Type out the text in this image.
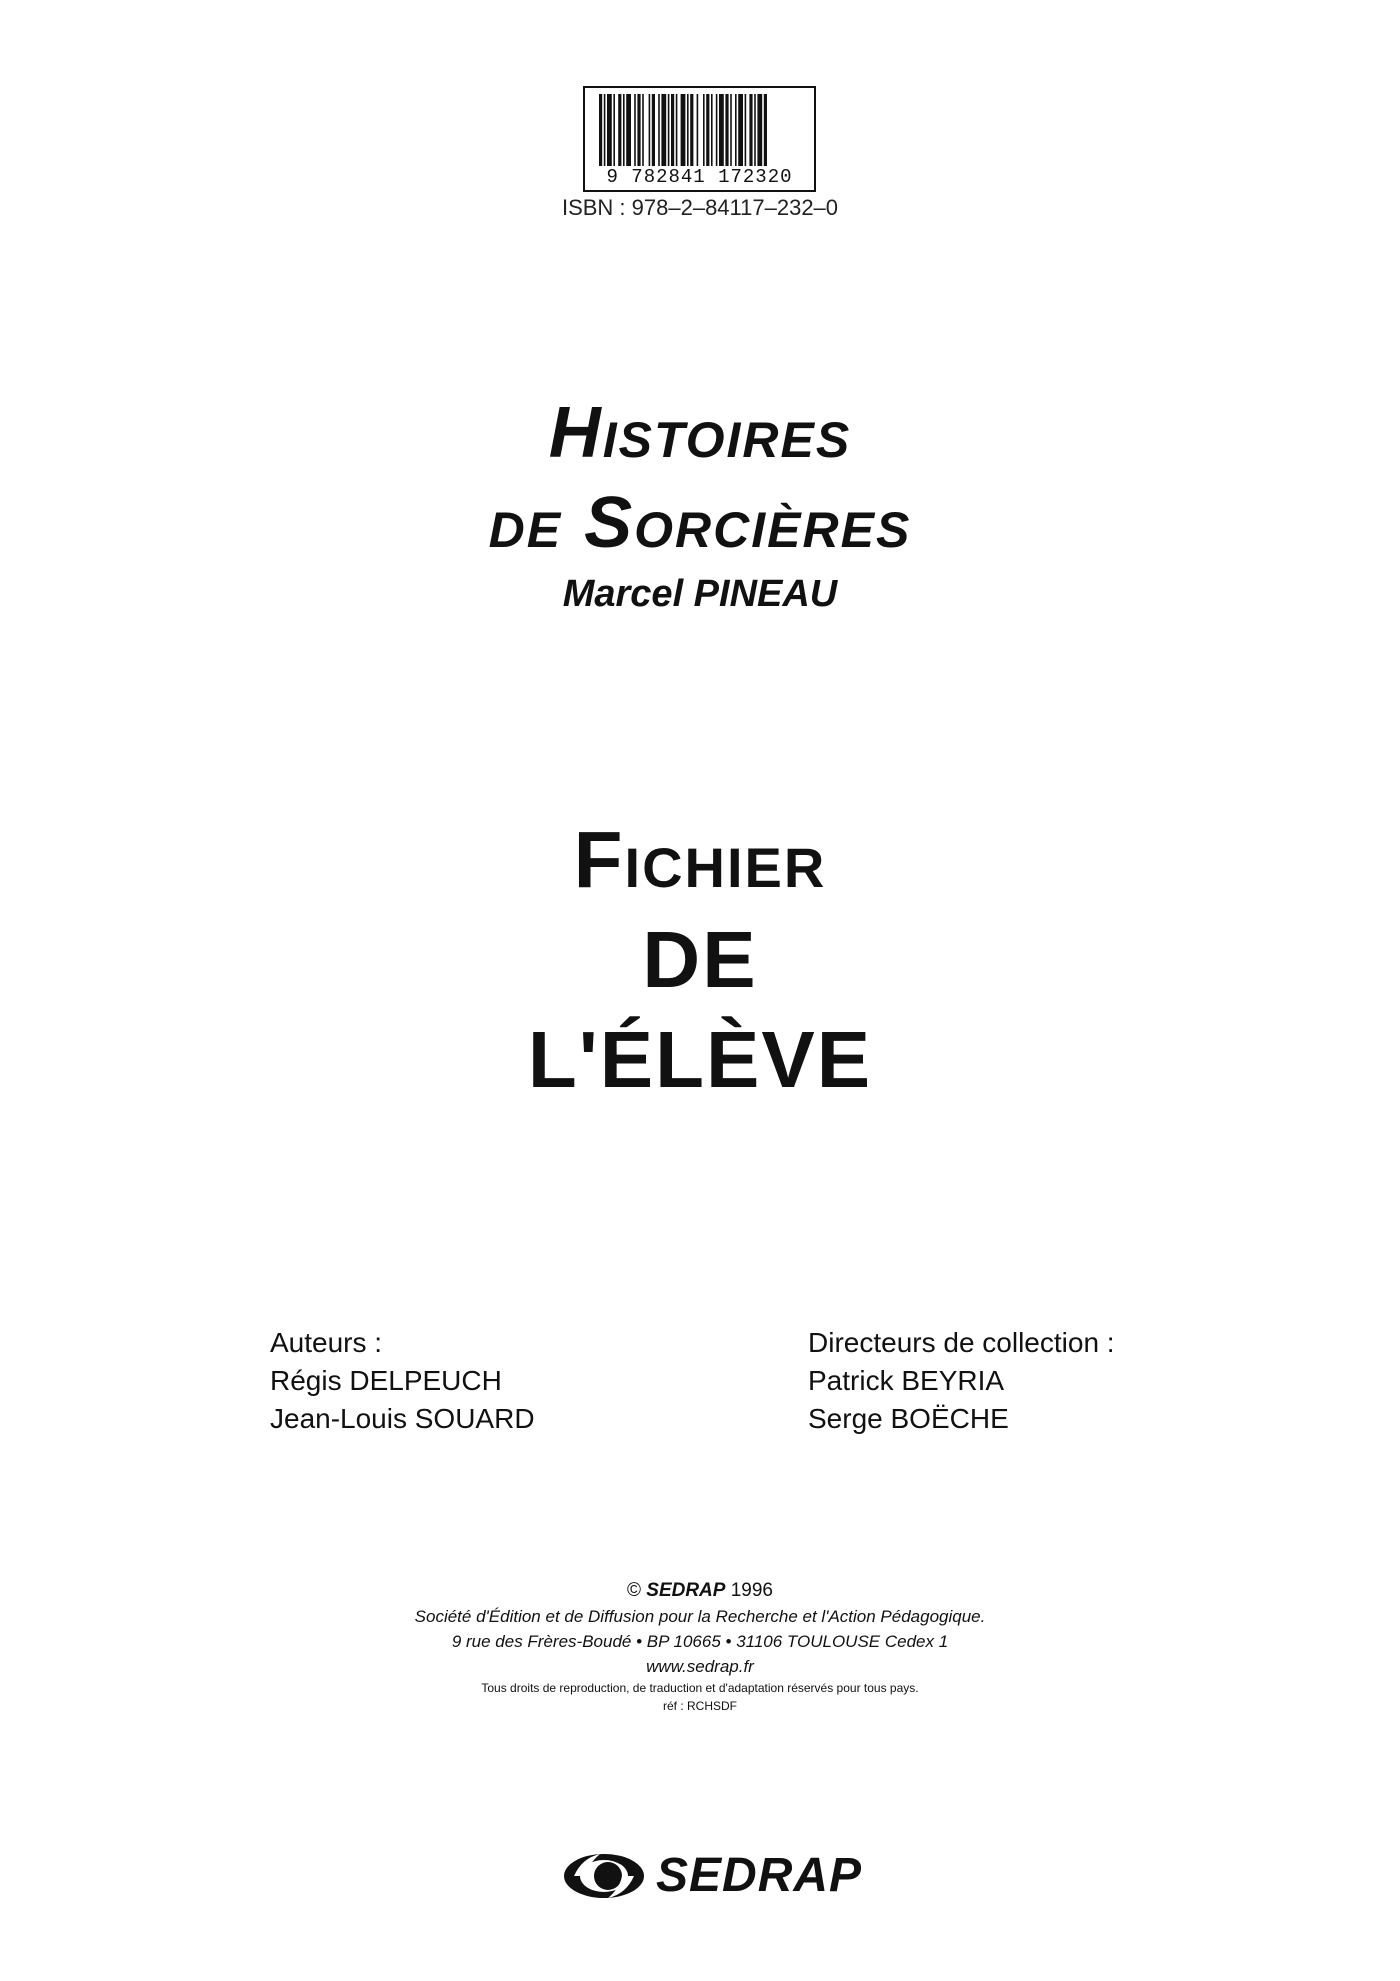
9 782841 172320
ISBN : 978–2–84117–232–0
Histoires
de Sorcières
Marcel PINEAU
Fichier
DE
L'ÉLÈVE
Auteurs :
Régis DELPEUCH
Jean-Louis SOUARD
Directeurs de collection :
Patrick BEYRIA
Serge BOËCHE
© SEDRAP 1996
Société d'Édition et de Diffusion pour la Recherche et l'Action Pédagogique.
9 rue des Frères-Boudé • BP 10665 • 31106 TOULOUSE Cedex 1
www.sedrap.fr
Tous droits de reproduction, de traduction et d'adaptation réservés pour tous pays.
réf : RCHSDF
SEDRAP
